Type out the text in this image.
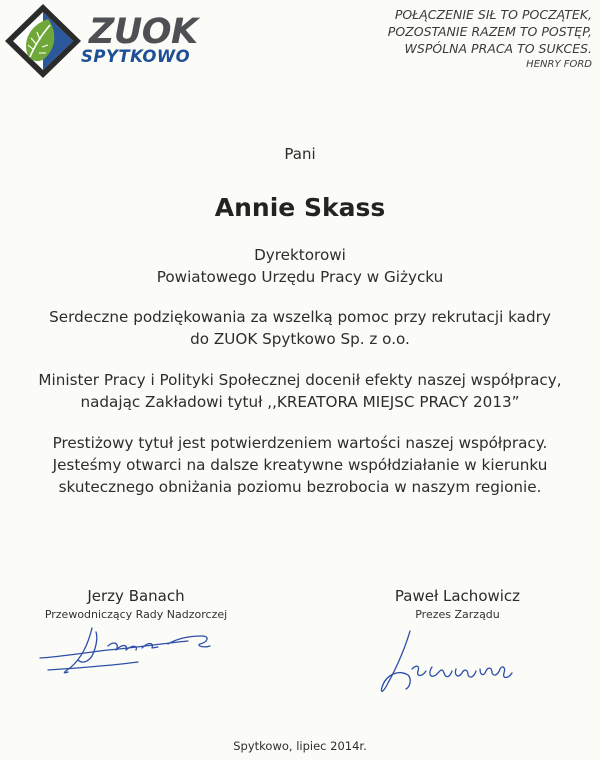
ZUOK
SPYTKOWO
POŁĄCZENIE SIŁ TO POCZĄTEK,
POZOSTANIE RAZEM TO POSTĘP,
WSPÓLNA PRACA TO SUKCES.
HENRY FORD
Pani
Annie Skass
Dyrektorowi
Powiatowego Urzędu Pracy w Giżycku
Serdeczne podziękowania za wszelką pomoc przy rekrutacji kadry
do ZUOK Spytkowo Sp. z o.o.
Minister Pracy i Polityki Społecznej docenił efekty naszej współpracy,
nadając Zakładowi tytuł ,,KREATORA MIEJSC PRACY 2013”
Prestiżowy tytuł jest potwierdzeniem wartości naszej współpracy.
Jesteśmy otwarci na dalsze kreatywne współdziałanie w kierunku
skutecznego obniżania poziomu bezrobocia w naszym regionie.
Jerzy Banach
Przewodniczący Rady Nadzorczej
Paweł Lachowicz
Prezes Zarządu
Spytkowo, lipiec 2014r.
